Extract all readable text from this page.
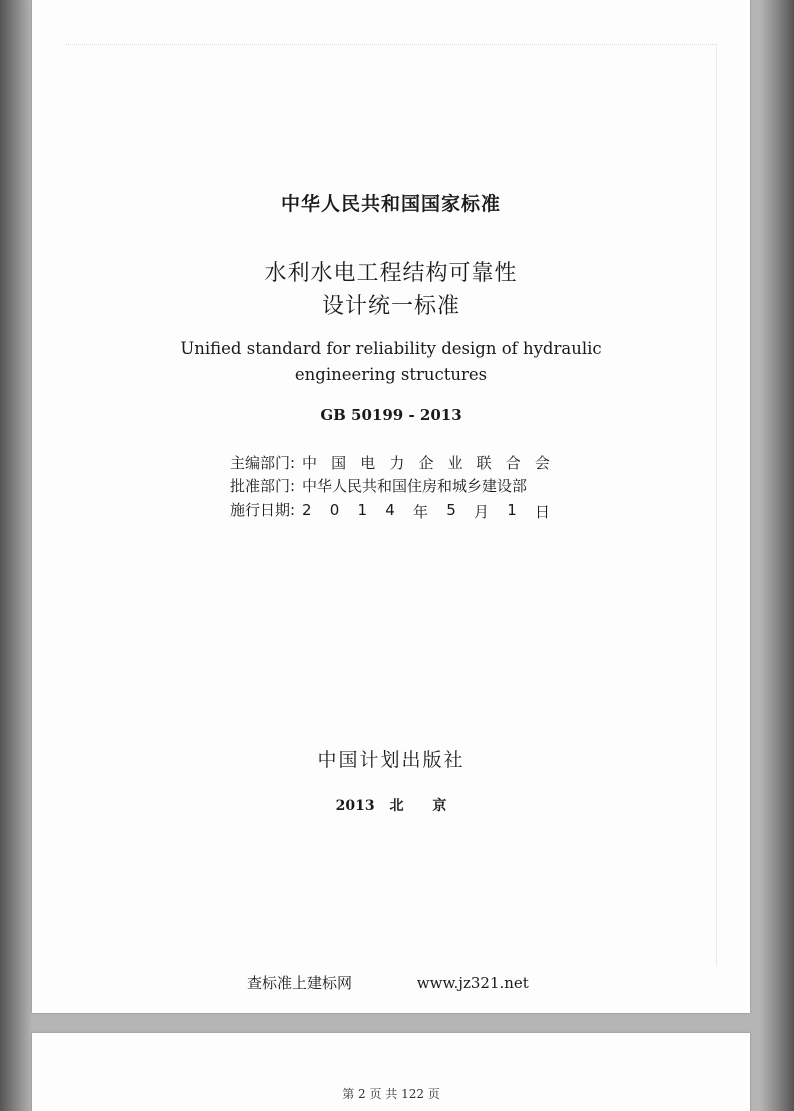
中华人民共和国国家标准
水利水电工程结构可靠性
设计统一标准
Unified standard for reliability design of hydraulic
engineering structures
GB 50199 - 2013
主编部门: 中 国 电 力 企 业 联 合 会
批准部门: 中华人民共和国住房和城乡建设部
施行日期: 2 0 1 4 年 5 月 1 日
中国计划出版社
2013 北　 京
查标准上建标网	www.jz321.net
第 2 页 共 122 页
